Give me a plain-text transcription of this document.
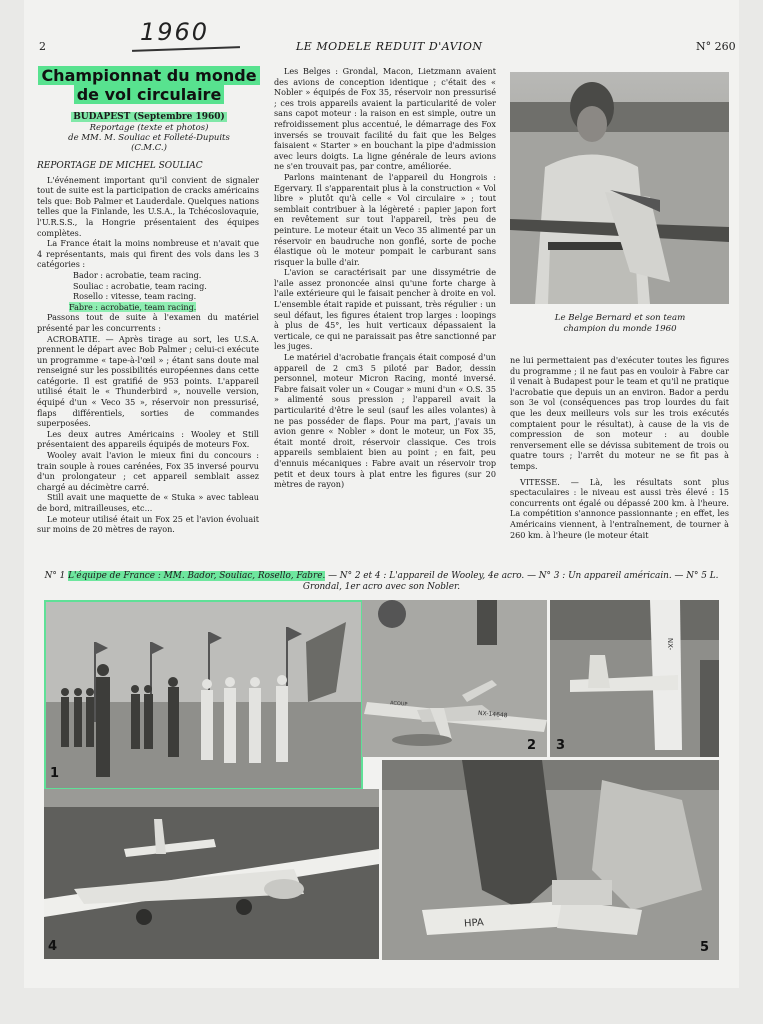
1960
2	LE MODELE REDUIT D'AVION	N° 260
Championnat du monde
de vol circulaire
BUDAPEST (Septembre 1960)
Reportage (texte et photos)
de MM. M. Souliac et Folleté-Dupuits
(C.M.C.)
REPORTAGE DE MICHEL SOULIAC

L'événement important qu'il convient de signaler tout de suite est la participation de cracks américains tels que: Bob Palmer et Lauderdale. Quelques nations telles que la Finlande, les U.S.A., la Tchécoslovaquie, l'U.R.S.S., la Hongrie présentaient des équipes complètes.

La France était la moins nombreuse et n'avait que 4 représentants, mais qui firent des vols dans les 3 catégories :

Bador : acrobatie, team racing.

Souliac : acrobatie, team racing.

Rosello : vitesse, team racing.

Fabre : acrobatie, team racing.

Passons tout de suite à l'examen du matériel présenté par les concurrents :

ACROBATIE. — Après tirage au sort, les U.S.A. prennent le départ avec Bob Palmer ; celui-ci exécute un programme « tape-à-l'œil » ; étant sans doute mal renseigné sur les possibilités européennes dans cette catégorie. Il est gratifié de 953 points. L'appareil utilisé était le « Thunderbird », nouvelle version, équipé d'un « Veco 35 », réservoir non pressurisé, flaps différentiels, sorties de commandes superposées.

Les deux autres Américains : Wooley et Still présentaient des appareils équipés de moteurs Fox.

Wooley avait l'avion le mieux fini du concours : train souple à roues carénées, Fox 35 inversé pourvu d'un prolongateur ; cet appareil semblait assez chargé au décimètre carré.

Still avait une maquette de « Stuka » avec tableau de bord, mitrailleuses, etc...

Le moteur utilisé était un Fox 25 et l'avion évoluait sur moins de 20 mètres de rayon.

Les Belges : Grondal, Macon, Lietzmann avaient des avions de conception identique ; c'était des « Nobler » équipés de Fox 35, réservoir non pressurisé ; ces trois appareils avaient la particularité de voler sans capot moteur : la raison en est simple, outre un refroidissement plus accentué, le démarrage des Fox inversés se trouvait facilité du fait que les Belges faisaient « Starter » en bouchant la pipe d'admission avec leurs doigts. La ligne générale de leurs avions ne s'en trouvait pas, par contre, améliorée.

Parlons maintenant de l'appareil du Hongrois : Egervary. Il s'apparentait plus à la construction « Vol libre » plutôt qu'à celle « Vol circulaire » ; tout semblait contribuer à la légèreté : papier japon fort en revêtement sur tout l'appareil, très peu de peinture. Le moteur était un Veco 35 alimenté par un réservoir en baudruche non gonflé, sorte de poche élastique où le moteur pompait le carburant sans risquer la bulle d'air.

L'avion se caractérisait par une dissymétrie de l'aile assez prononcée ainsi qu'une forte charge à l'aile extérieure qui le faisait pencher à droite en vol. L'ensemble était rapide et puissant, très régulier : un seul défaut, les figures étaient trop larges : loopings à plus de 45°, les huit verticaux dépassaient la verticale, ce qui ne paraissait pas être sanctionné par les juges.

Le matériel d'acrobatie français était composé d'un appareil de 2 cm3 5 piloté par Bador, dessin personnel, moteur Micron Racing, monté inversé. Fabre faisait voler un « Cougar » muni d'un « O.S. 35 » alimenté sous pression ; l'appareil avait la particularité d'être le seul (sauf les ailes volantes) à ne pas posséder de flaps. Pour ma part, j'avais un avion genre « Nobler » dont le moteur, un Fox 35, était monté droit, réservoir classique. Ces trois appareils semblaient bien au point ; en fait, peu d'ennuis mécaniques : Fabre avait un réservoir trop petit et deux tours à plat entre les figures (sur 20 mètres de rayon)

Le Belge Bernard et son team
champion du monde 1960

ne lui permettaient pas d'exécuter toutes les figures du programme ; il ne faut pas en vouloir à Fabre car il venait à Budapest pour le team et qu'il ne pratique l'acrobatie que depuis un an environ. Bador a perdu son 3e vol (conséquences pas trop lourdes du fait que les deux meilleurs vols sur les trois exécutés comptaient pour le résultat), à cause de la vis de compression de son moteur : au double renversement elle se dévissa subitement de trois ou quatre tours ; l'arrêt du moteur ne se fit pas à temps.

VITESSE. — Là, les résultats sont plus spectaculaires : le niveau est aussi très élevé : 15 concurrents ont égalé ou dépassé 200 km. à l'heure. La compétition s'annonce passionnante ; en effet, les Américains viennent, à l'entraînement, de tourner à 260 km. à l'heure (le moteur était

N° 1 L'équipe de France : MM. Bador, Souliac, Rosello, Fabre. — N° 2 et 4 : L'appareil de Wooley, 4e acro. — N° 3 : Un appareil américain. — N° 5 L. Grondal, 1er acro avec son Nobler.
1
NX-14648
ACOUP
2
NX-
3
4
HPA
5
